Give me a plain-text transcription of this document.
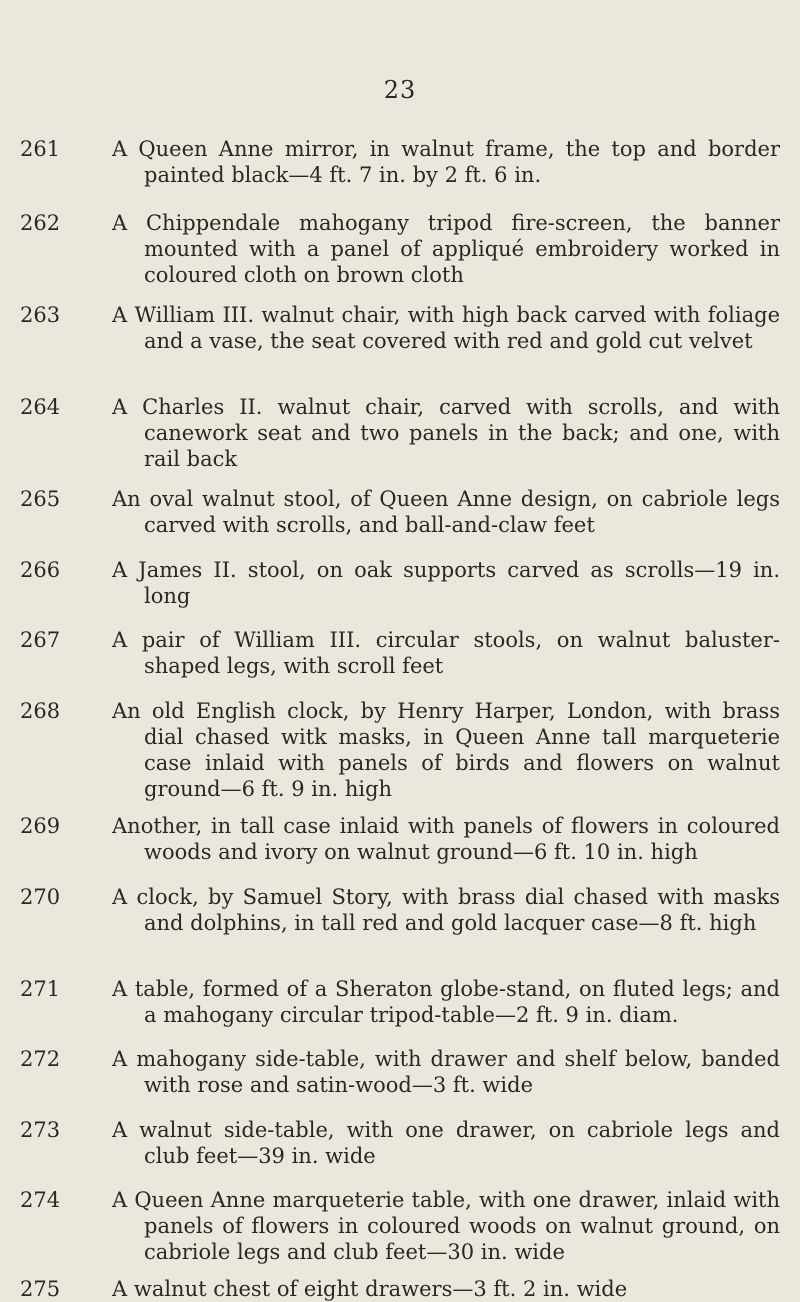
23
261	A Queen Anne mirror, in walnut frame, the top and border painted black—4 ft. 7 in. by 2 ft. 6 in.
262	A Chippendale mahogany tripod fire-screen, the banner mounted with a panel of appliqué embroidery worked in coloured cloth on brown cloth
263	A William III. walnut chair, with high back carved with foliage and a vase, the seat covered with red and gold cut velvet
264	A Charles II. walnut chair, carved with scrolls, and with canework seat and two panels in the back; and one, with rail back
265	An oval walnut stool, of Queen Anne design, on cabriole legs carved with scrolls, and ball-and-claw feet
266	A James II. stool, on oak supports carved as scrolls—19 in. long
267	A pair of William III. circular stools, on walnut baluster-shaped legs, with scroll feet
268	An old English clock, by Henry Harper, London, with brass dial chased witk masks, in Queen Anne tall marqueterie case inlaid with panels of birds and flowers on walnut ground—6 ft. 9 in. high
269	Another, in tall case inlaid with panels of flowers in coloured woods and ivory on walnut ground—6 ft. 10 in. high
270	A clock, by Samuel Story, with brass dial chased with masks and dolphins, in tall red and gold lacquer case—8 ft. high
271	A table, formed of a Sheraton globe-stand, on fluted legs; and a mahogany circular tripod-table—2 ft. 9 in. diam.
272	A mahogany side-table, with drawer and shelf below, banded with rose and satin-wood—3 ft. wide
273	A walnut side-table, with one drawer, on cabriole legs and club feet—39 in. wide
274	A Queen Anne marqueterie table, with one drawer, inlaid with panels of flowers in coloured woods on walnut ground, on cabriole legs and club feet—30 in. wide
275	A walnut chest of eight drawers—3 ft. 2 in. wide
